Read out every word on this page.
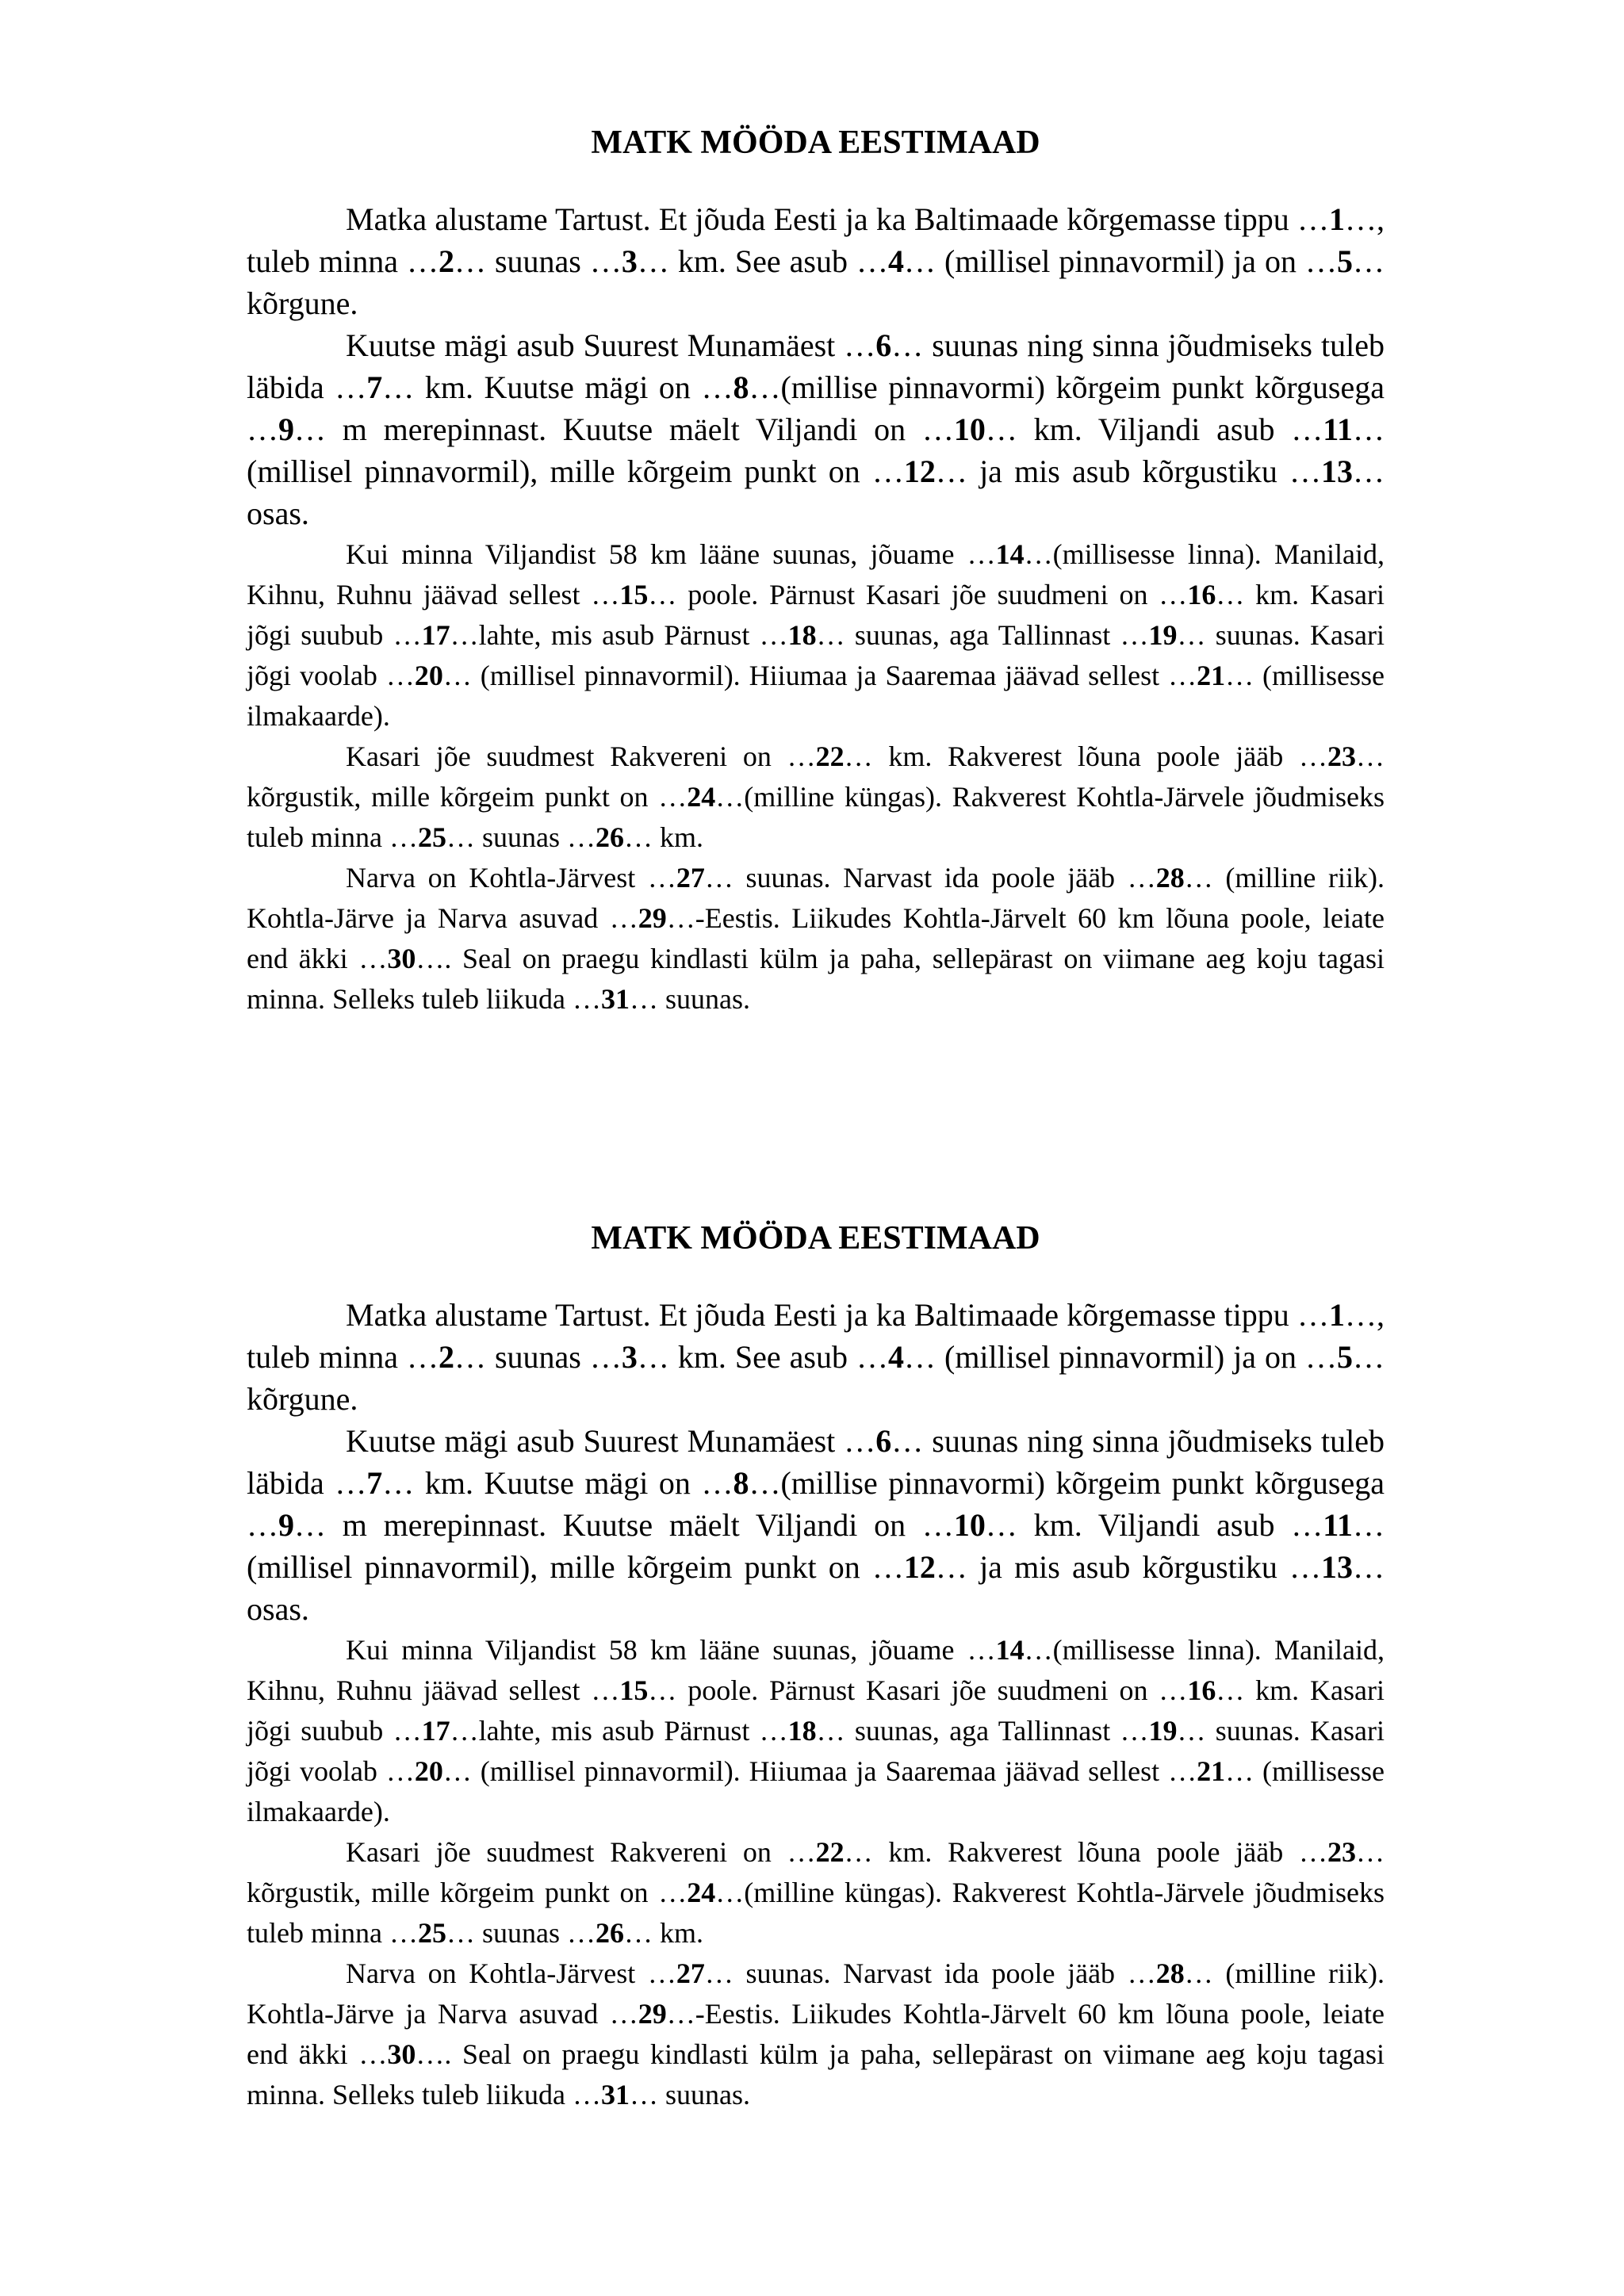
MATK MÖÖDA EESTIMAAD

Matka alustame Tartust. Et jõuda Eesti ja ka Baltimaade kõrgemasse tippu …1…, tuleb minna …2… suunas …3… km. See asub …4… (millisel pinnavormil) ja on …5… kõrgune.

Kuutse mägi asub Suurest Munamäest …6… suunas ning sinna jõudmiseks tuleb läbida …7… km. Kuutse mägi on …8…(millise pinnavormi) kõrgeim punkt kõrgusega …9… m merepinnast. Kuutse mäelt Viljandi on …10… km. Viljandi asub …11… (millisel pinnavormil), mille kõrgeim punkt on …12… ja mis asub kõrgustiku …13… osas.

Kui minna Viljandist 58 km lääne suunas, jõuame …14…(millisesse linna). Manilaid, Kihnu, Ruhnu jäävad sellest …15… poole. Pärnust Kasari jõe suudmeni on …16… km. Kasari jõgi suubub …17…lahte, mis asub Pärnust …18… suunas, aga Tallinnast …19… suunas. Kasari jõgi voolab …20… (millisel pinnavormil). Hiiumaa ja Saaremaa jäävad sellest …21… (millisesse ilmakaarde).

Kasari jõe suudmest Rakvereni on …22… km. Rakverest lõuna poole jääb …23… kõrgustik, mille kõrgeim punkt on …24…(milline küngas). Rakverest Kohtla-Järvele jõudmiseks tuleb minna …25… suunas …26… km.

Narva on Kohtla-Järvest …27… suunas. Narvast ida poole jääb …28… (milline riik). Kohtla-Järve ja Narva asuvad …29…-Eestis. Liikudes Kohtla-Järvelt 60 km lõuna poole, leiate end äkki …30…. Seal on praegu kindlasti külm ja paha, sellepärast on viimane aeg koju tagasi minna. Selleks tuleb liikuda …31… suunas.

MATK MÖÖDA EESTIMAAD

Matka alustame Tartust. Et jõuda Eesti ja ka Baltimaade kõrgemasse tippu …1…, tuleb minna …2… suunas …3… km. See asub …4… (millisel pinnavormil) ja on …5… kõrgune.

Kuutse mägi asub Suurest Munamäest …6… suunas ning sinna jõudmiseks tuleb läbida …7… km. Kuutse mägi on …8…(millise pinnavormi) kõrgeim punkt kõrgusega …9… m merepinnast. Kuutse mäelt Viljandi on …10… km. Viljandi asub …11… (millisel pinnavormil), mille kõrgeim punkt on …12… ja mis asub kõrgustiku …13… osas.

Kui minna Viljandist 58 km lääne suunas, jõuame …14…(millisesse linna). Manilaid, Kihnu, Ruhnu jäävad sellest …15… poole. Pärnust Kasari jõe suudmeni on …16… km. Kasari jõgi suubub …17…lahte, mis asub Pärnust …18… suunas, aga Tallinnast …19… suunas. Kasari jõgi voolab …20… (millisel pinnavormil). Hiiumaa ja Saaremaa jäävad sellest …21… (millisesse ilmakaarde).

Kasari jõe suudmest Rakvereni on …22… km. Rakverest lõuna poole jääb …23… kõrgustik, mille kõrgeim punkt on …24…(milline küngas). Rakverest Kohtla-Järvele jõudmiseks tuleb minna …25… suunas …26… km.

Narva on Kohtla-Järvest …27… suunas. Narvast ida poole jääb …28… (milline riik). Kohtla-Järve ja Narva asuvad …29…-Eestis. Liikudes Kohtla-Järvelt 60 km lõuna poole, leiate end äkki …30…. Seal on praegu kindlasti külm ja paha, sellepärast on viimane aeg koju tagasi minna. Selleks tuleb liikuda …31… suunas.
